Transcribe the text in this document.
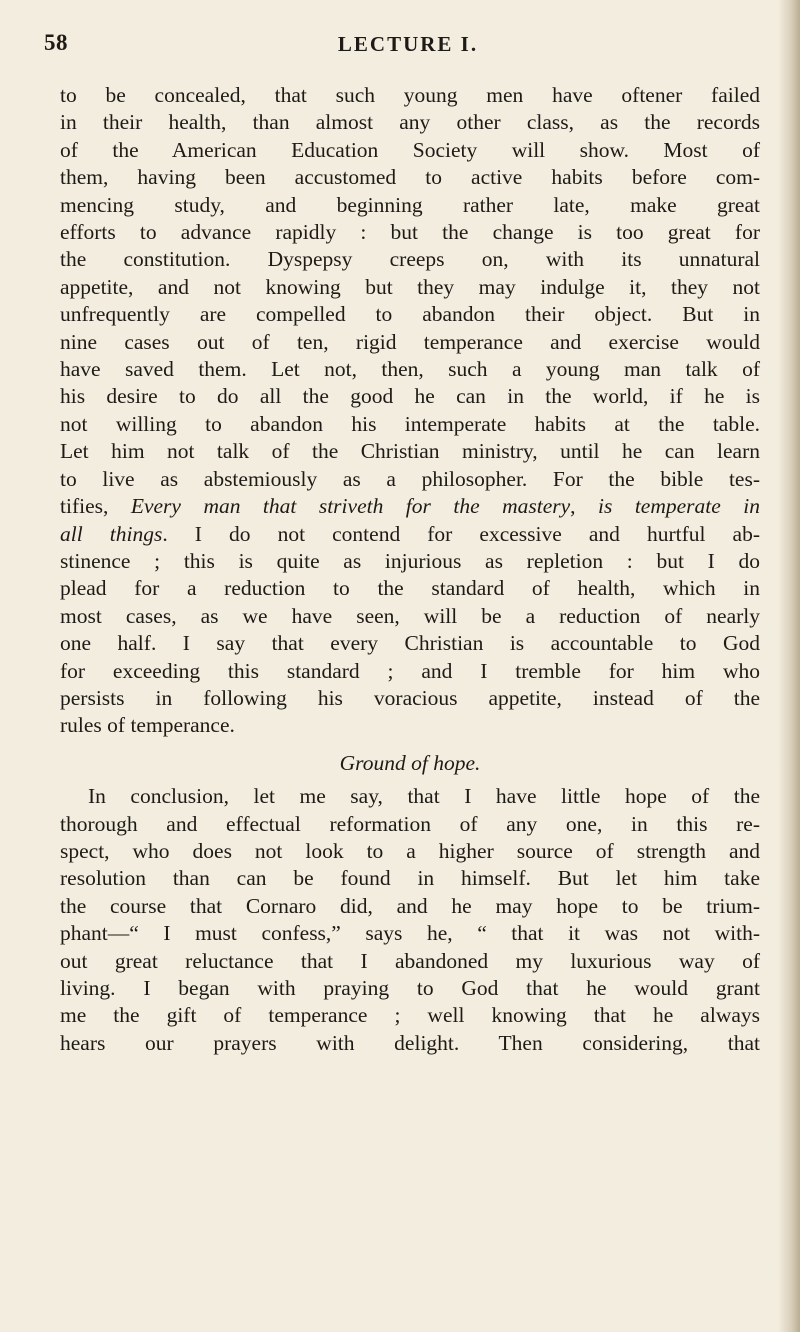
58	LECTURE I.
to be concealed, that such young men have oftener failed
in their health, than almost any other class, as the records
of the American Education Society will show. Most of
them, having been accustomed to active habits before com-
mencing study, and beginning rather late, make great
efforts to advance rapidly : but the change is too great for
the constitution. Dyspepsy creeps on, with its unnatural
appetite, and not knowing but they may indulge it, they not
unfrequently are compelled to abandon their object. But in
nine cases out of ten, rigid temperance and exercise would
have saved them. Let not, then, such a young man talk of
his desire to do all the good he can in the world, if he is
not willing to abandon his intemperate habits at the table.
Let him not talk of the Christian ministry, until he can learn
to live as abstemiously as a philosopher. For the bible tes-
tifies, Every man that striveth for the mastery, is temperate in
all things. I do not contend for excessive and hurtful ab-
stinence ; this is quite as injurious as repletion : but I do
plead for a reduction to the standard of health, which in
most cases, as we have seen, will be a reduction of nearly
one half. I say that every Christian is accountable to God
for exceeding this standard ; and I tremble for him who
persists in following his voracious appetite, instead of the
rules of temperance.
Ground of hope.
In conclusion, let me say, that I have little hope of the
thorough and effectual reformation of any one, in this re-
spect, who does not look to a higher source of strength and
resolution than can be found in himself. But let him take
the course that Cornaro did, and he may hope to be trium-
phant—“ I must confess,” says he, “ that it was not with-
out great reluctance that I abandoned my luxurious way of
living. I began with praying to God that he would grant
me the gift of temperance ; well knowing that he always
hears our prayers with delight. Then considering, that
